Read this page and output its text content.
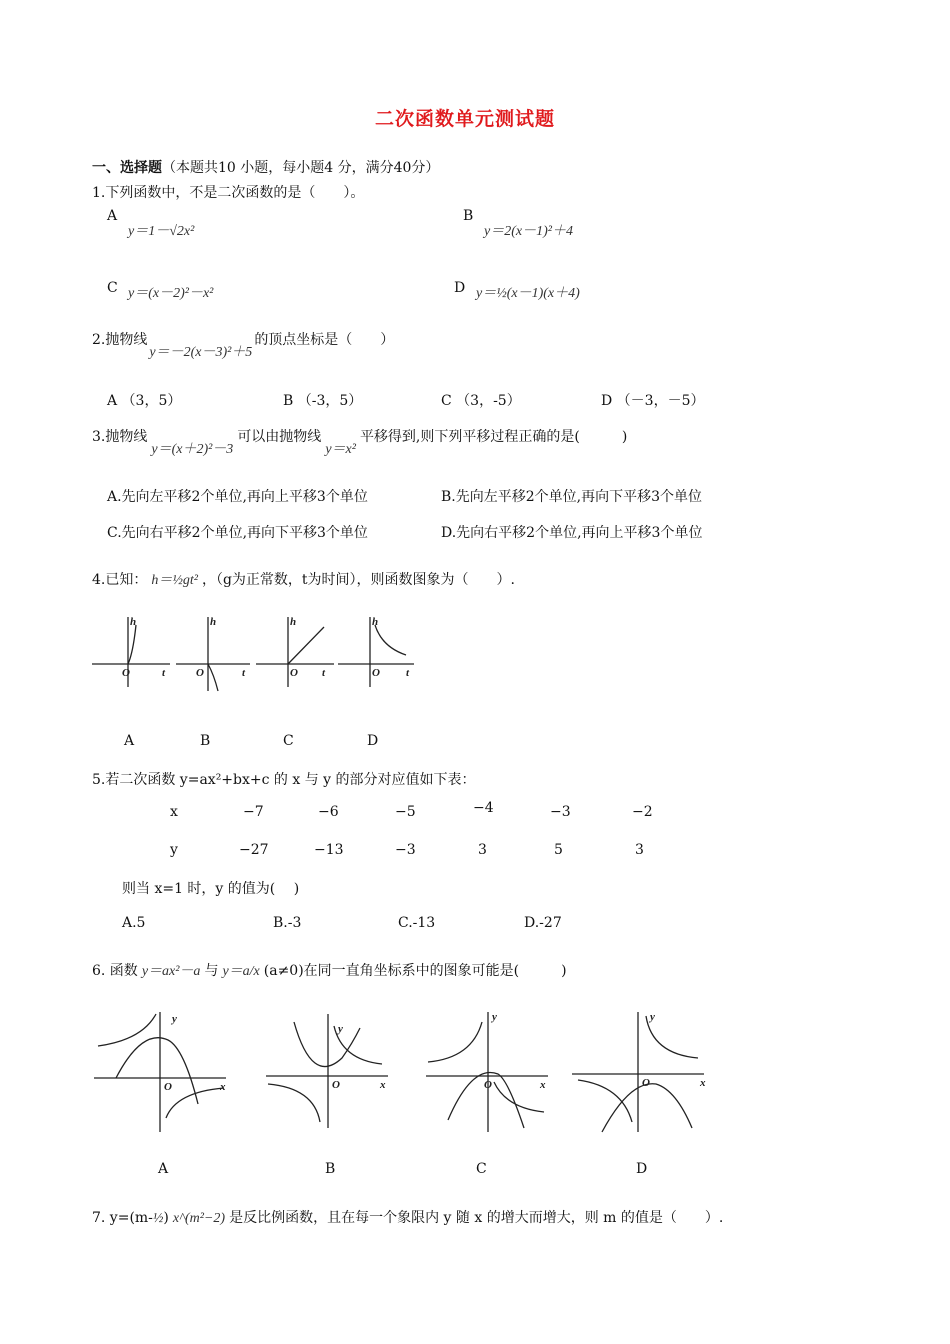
二次函数单元测试题
一、选择题（本题共10 小题，每小题4 分，满分40分）
1.下列函数中，不是二次函数的是（　　）。
A
y＝1－√2x²
B
y＝2(x－1)²＋4
C y＝(x－2)²－x²	D y＝½(x－1)(x＋4)
2.抛物线y＝－2(x－3)²＋5的顶点坐标是（　　）
A （3，5）	B （-3，5）	C （3，-5）	D （－3，－5）
3.抛物线y＝(x＋2)²－3可以由抛物线y＝x²平移得到,则下列平移过程正确的是(　　　)
A.先向左平移2个单位,再向上平移3个单位	B.先向左平移2个单位,再向下平移3个单位
C.先向右平移2个单位,再向下平移3个单位	D.先向右平移2个单位,再向上平移3个单位
4.已知： h＝½gt² ，（g为正常数，t为时间），则函数图象为（　　）.
h
t
O
h
t
O
h
t
O
h
t
O
A	B	C	D
5.若二次函数 y=ax²+bx+c 的 x 与 y 的部分对应值如下表：
x	−7	−6	−5	−4	−3	−2
y	−27	−13	−3	3	5	3
则当 x=1 时，y 的值为(　 )
A.5	B.-3	C.-13	D.-27
6. 函数 y＝ax²－a 与 y＝a/x (a≠0)在同一直角坐标系中的图象可能是(　　　)
y
x
O
y
x
O
y
x
O
y
x
O
A	B	C	D
7. y=(m-½) x^(m²−2) 是反比例函数，且在每一个象限内 y 随 x 的增大而增大，则 m 的值是（　　）.
